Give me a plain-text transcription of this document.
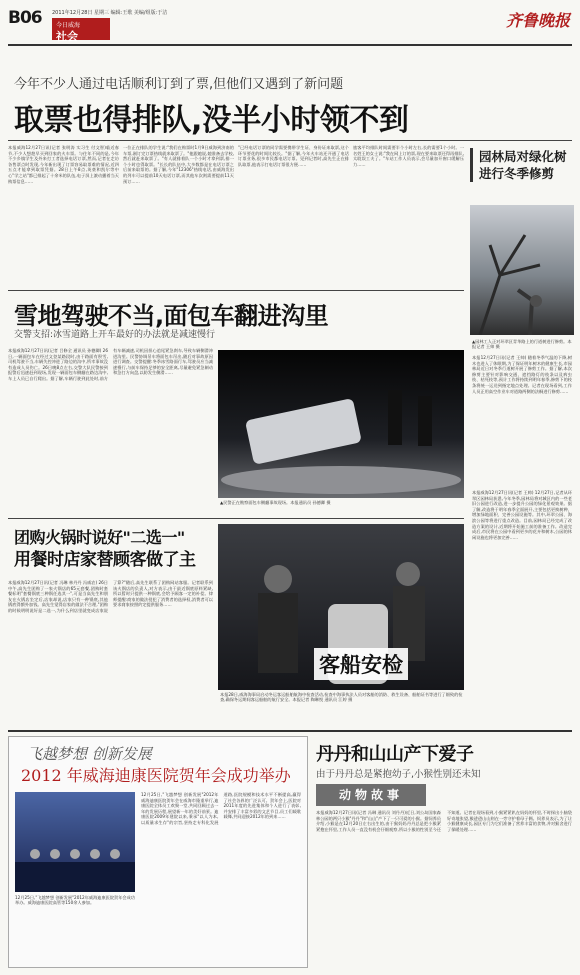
B06 2011年12月28日 星期三 编辑:王歌 美编/组版:于洁
今日威海
社会
齐鲁晚报
今年不少人通过电话顺利订到了票,但他们又遇到了新问题
取票也得排队,没半小时领不到
本报威海12月27日讯(记者 张明涛 实习生 付文智)临近春节,不少人想趁早买到回家的火车票。与往年不同的是,今年不少乡镇学生及外来打工者选择电话订票,然而,记者在走访各售票点时发现,今年新出现了订票容易取票难的情况,近四五点才能拿到取票凭据。28日上午8点,英豪和凯尔等中心"学之站"都已排起了十余米的队伍,电子屏上滚动播着当天购票信息……
一位正在排队的学生说:"我们在购票时1月9日威海到济南的车票,刚订完订票热线就来取票了。"他跟她说,她准备去学校,然后就赶来取票了。"有人就排着队一个小时才拿到票,排一个小时也得取票。"长长的队伍中,大多数都是在电话订票之后前来取票的。据了解,今年"12306"热线电话,由威海发出的列车可以提前10天电话订票,而其他车次则需要提前11天预订……
"已经电话订票的同学需要携带学生证、身份证来取票,这个环节要花的时间比较长。"据了解,今年火车站还开通了电话订票业务,很多市民都电话订票。见到记者时,高先生正在排队取票,他表示打电话订票很方便……
旅客平均排队时间需要半个小时左右,长的需要1个小时。一名姓王的女士说:"我在网上订的票,现在要来取票还得再排队,太耽误工夫了。"车站工作人员表示,会尽量加开窗口缓解压力……
园林局对绿化树
进行冬季修剪
▲园林工人正对环翠区青华路上的行道树进行修剪。本报记者 王帅 摄
本报12月27日讯(记者 王帅) 随着冬季气温的下降,树木也进入了休眠期,为了保证明年树木的健康生长,市园林局近日对冬季行道树开展了修剪工作。据了解,本次修剪主要针对影响交通、遮挡路灯的枝条以及病虫枝、枯死枝等,预计工作将持续到明年春季,修剪下的枝条将统一运送到指定地点处理。记者在现场看到,工作人员正用高空作业车对道路两侧的法桐进行修剪……
雪地驾驶不当,面包车翻进沟里
交警支招:冰雪道路上开车最好的办法就是减速慢行
本报威海12月27日讯(记者 吕修全 通讯员 孙德卿) 26日,一辆面包车在经过文登某路段时,由于路面有积雪,司机驾驶不当,车辆失控冲进了路边的沟中,所幸事故没有造成人员伤亡。26日晚8点左右,交警大队民警接到报警后迅速赶到现场,发现一辆面包车侧翻在路边沟中,车上人员已自行爬出。据了解,车辆行驶到此处时,前方有车辆减速,司机因担心追尾紧急刹车,导致车辆侧滑冲进沟里。民警协调吊车将面包车吊出,随后对事故原因进行调查。交警提醒:冬季冰雪路面行车,驾驶员应当减速慢行,与前车保持足够的安全距离,尽量避免紧急制动和急打方向盘,以防发生侧滑……
▲民警正在勘察面包车侧翻事故现场。本报通讯员 孙德卿 摄
团购火锅时说好"二选一"
用餐时店家替顾客做了主
本报威海12月27日讯(记者 冯琳 林丹丹 冯威农) 26日中午,高先生团购了一家火锅店的65元套餐,团购时套餐标明"套餐锅底三种锅任选其一",可是当高先生和朋友在火锅店坐定后,店家却说,店家只有一种锅底,其他锅底得额外加钱。高先生觉得店家的做法不合理,"团购的时候明明说好是二选一,为什么到店里就变成店家说了算?"随后,高先生联系了团购网站客服。记者联系到该火锅店的负责人,对方表示,由于最近锅底原料紧缺,所以暂时只提供一种锅底,会给予顾客一定的补偿。律师提醒:商家的做法侵犯了消费者的选择权,消费者可以要求商家按照约定提供服务……
客船安检
本报28日,威海海事局启动冬运客运船舶航海中检查活动,检查中海事执法人员对客船的消防、救生设备、船舶证书等进行了细致的检查,确保冬运期间客运船舶的航行安全。本报记者 陶琳悦 通讯员 江婷 摄
本报威海12月27日讯(记者 王帅) 12月27日,记者从环翠区园林局获悉,今年冬季,园林局将对城区内的一些老旧公园进行改造,进一步提升公园的绿化景观效果。据了解,改造将于明年春季全面展开,主要包括更换树种、增加绿地面积、完善公园设施等。其中,环翠公园、海滨公园等将进行重点改造。目前,园林局已经完成了改造方案的设计,近期将开始施工前的准备工作。改造完成后,市民将在公园中看到更多的花卉和树木,公园的休闲设施也将更加完善……
飞越梦想 创新发展
2012 年威海迪康医院贺年会成功举办
12月25日,"飞越梦想 创新发展"2012年威海迪康医院贺年会成功举办。威海迪康医院高管等150余人参加。
12月25日,"飞越梦想 创新发展"2012年威海迪康医院贺年会在威海市隆重举行,迪康医院全体员工欢聚一堂,共同回顾过去一年的发展历程,展望新一年的美好前景。迪康医院2009年建院以来,秉承"以人为本,以质量求生存"的宗旨,坚持走专科化发展道路,医院规模和技术水平不断提高,赢得了社会各界的广泛认可。贺年会上,医院对2011年度的先进集体和个人进行了表彰,并安排了丰富多彩的文艺节目,员工们载歌载舞,共同迎接2012年的到来……
丹丹和山山产下爱子
由于丹丹总是紧抱幼子,小猴性别还未知
动物故事
本报威海12月27日讯(记者 冯琳 通讯员 刘丹丹)近日,刘公岛国家森林公园的两只小猴"丹丹"和"山山"产下了一只可爱的小猴。据饲养员介绍,小猴是在12月20日左右出生的,由于猴妈妈丹丹总是把小猴紧紧抱在怀里,工作人员一直没有机会仔细观察,所以小猴的性别至今还不知道。记者在现场看到,小猴紧紧趴在妈妈的怀里,不时探出小脑袋好奇地张望,猴爸爸山山则在一旁守护着母子俩。饲养员表示,为了让小猴健康成长,园区专门为它们准备了营养丰富的食物,并对猴舍进行了保暖处理……
